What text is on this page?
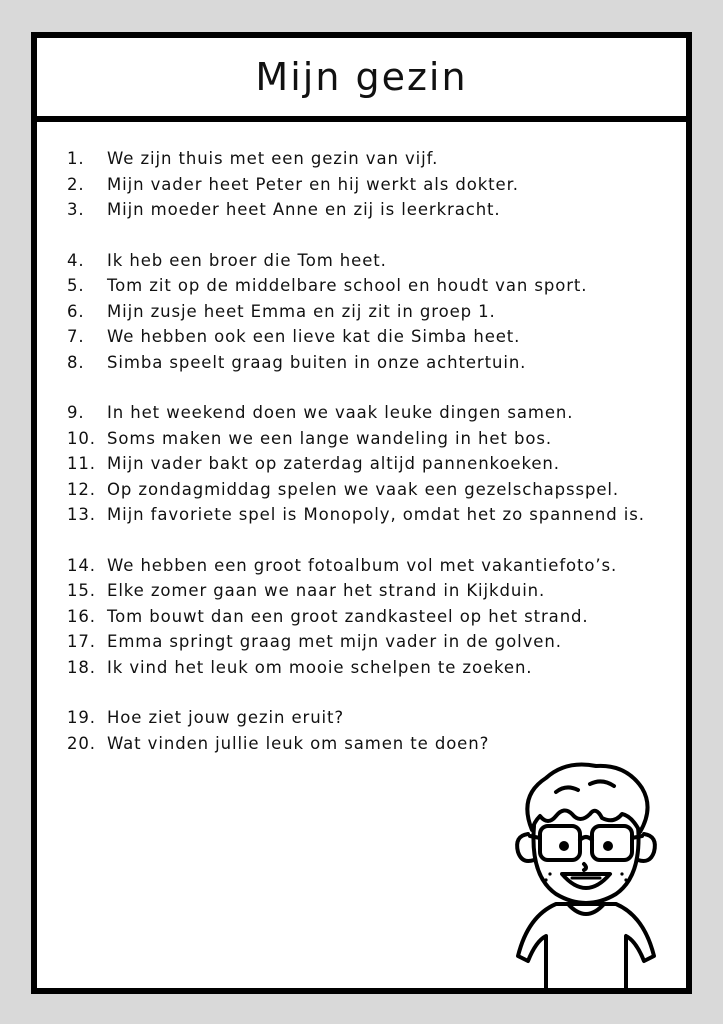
Mijn gezin
1.	We zijn thuis met een gezin van vijf.
2.	Mijn vader heet Peter en hij werkt als dokter.
3.	Mijn moeder heet Anne en zij is leerkracht.
4.	Ik heb een broer die Tom heet.
5.	Tom zit op de middelbare school en houdt van sport.
6.	Mijn zusje heet Emma en zij zit in groep 1.
7.	We hebben ook een lieve kat die Simba heet.
8.	Simba speelt graag buiten in onze achtertuin.
9.	In het weekend doen we vaak leuke dingen samen.
10. Soms maken we een lange wandeling in het bos.
11. Mijn vader bakt op zaterdag altijd pannenkoeken.
12. Op zondagmiddag spelen we vaak een gezelschapsspel.
13. Mijn favoriete spel is Monopoly, omdat het zo spannend is.
14. We hebben een groot fotoalbum vol met vakantiefoto’s.
15. Elke zomer gaan we naar het strand in Kijkduin.
16. Tom bouwt dan een groot zandkasteel op het strand.
17. Emma springt graag met mijn vader in de golven.
18. Ik vind het leuk om mooie schelpen te zoeken.
19. Hoe ziet jouw gezin eruit?
20. Wat vinden jullie leuk om samen te doen?
